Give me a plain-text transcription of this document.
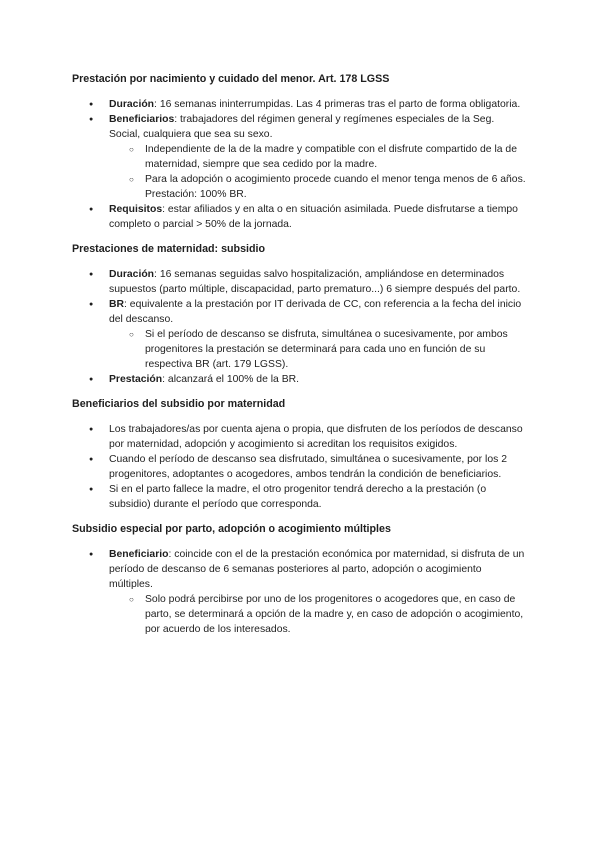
Prestación por nacimiento y cuidado del menor. Art. 178 LGSS
● Duración: 16 semanas ininterrumpidas. Las 4 primeras tras el parto de forma obligatoria.
● Beneficiarios: trabajadores del régimen general y regímenes especiales de la Seg. Social, cualquiera que sea su sexo.
○ Independiente de la de la madre y compatible con el disfrute compartido de la de maternidad, siempre que sea cedido por la madre.
○ Para la adopción o acogimiento procede cuando el menor tenga menos de 6 años. Prestación: 100% BR.
● Requisitos: estar afiliados y en alta o en situación asimilada. Puede disfrutarse a tiempo completo o parcial > 50% de la jornada.
Prestaciones de maternidad: subsidio
● Duración: 16 semanas seguidas salvo hospitalización, ampliándose en determinados supuestos (parto múltiple, discapacidad, parto prematuro...) 6 siempre después del parto.
● BR: equivalente a la prestación por IT derivada de CC, con referencia a la fecha del inicio del descanso.
○ Si el período de descanso se disfruta, simultánea o sucesivamente, por ambos progenitores la prestación se determinará para cada uno en función de su respectiva BR (art. 179 LGSS).
● Prestación: alcanzará el 100% de la BR.
Beneficiarios del subsidio por maternidad
● Los trabajadores/as por cuenta ajena o propia, que disfruten de los períodos de descanso por maternidad, adopción y acogimiento si acreditan los requisitos exigidos.
● Cuando el período de descanso sea disfrutado, simultánea o sucesivamente, por los 2 progenitores, adoptantes o acogedores, ambos tendrán la condición de beneficiarios.
● Si en el parto fallece la madre, el otro progenitor tendrá derecho a la prestación (o subsidio) durante el período que corresponda.
Subsidio especial por parto, adopción o acogimiento múltiples
● Beneficiario: coincide con el de la prestación económica por maternidad, si disfruta de un período de descanso de 6 semanas posteriores al parto, adopción o acogimiento múltiples.
○ Solo podrá percibirse por uno de los progenitores o acogedores que, en caso de parto, se determinará a opción de la madre y, en caso de adopción o acogimiento, por acuerdo de los interesados.
